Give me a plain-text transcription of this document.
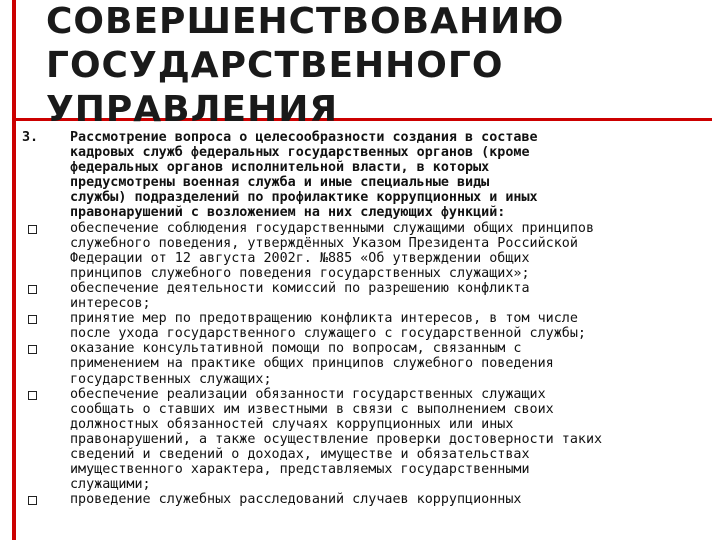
СОВЕРШЕНСТВОВАНИЮ
ГОСУДАРСТВЕННОГО
УПРАВЛЕНИЯ
3.	Рассмотрение вопроса о целесообразности создания в составе
кадровых служб федеральных государственных органов (кроме
федеральных органов исполнительной власти, в которых
предусмотрены военная служба и иные специальные виды
службы) подразделений по профилактике коррупционных и иных
правонарушений с возложением на них следующих функций:
обеспечение соблюдения государственными служащими общих принципов
служебного поведения, утверждённых Указом Президента Российской
Федерации от 12 августа 2002г. №885 «Об утверждении общих
принципов служебного поведения государственных служащих»;
обеспечение деятельности комиссий по разрешению конфликта
интересов;
принятие мер по предотвращению конфликта интересов, в том числе
после ухода государственного служащего с государственной службы;
оказание консультативной помощи по вопросам, связанным с
применением на практике общих принципов служебного поведения
государственных служащих;
обеспечение реализации обязанности государственных служащих
сообщать о ставших им известными в связи с выполнением своих
должностных обязанностей случаях коррупционных или иных
правонарушений, а также осуществление проверки достоверности таких
сведений и сведений о доходах, имуществе и обязательствах
имущественного характера, представляемых государственными
служащими;
проведение служебных расследований случаев коррупционных
